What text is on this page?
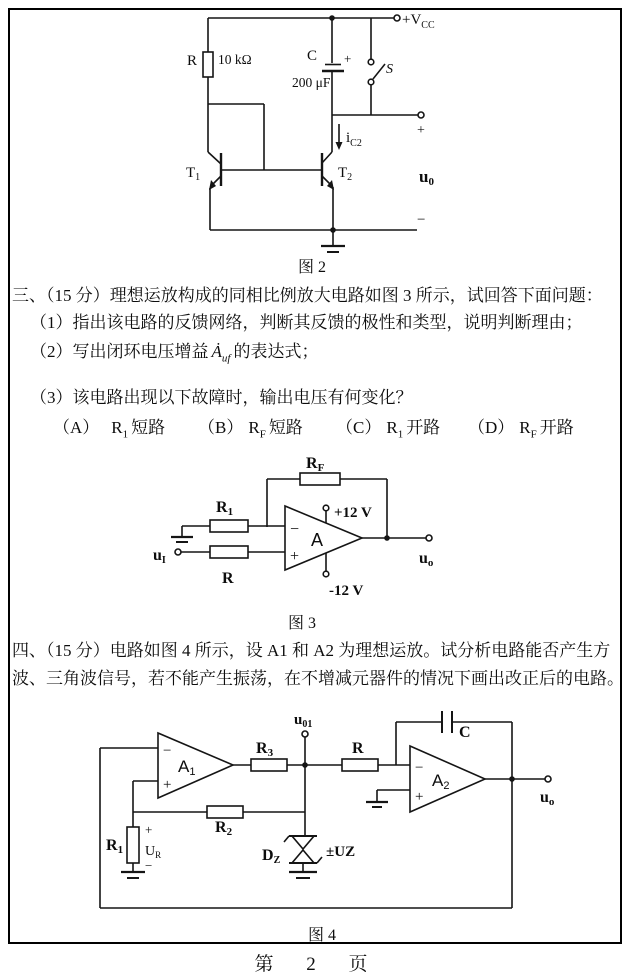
$+V_{CC}$
R 10 kΩ	C +
200 μF
S
$i_{C2}$
$T_1$	$T_2$
+
u0
−
图 2
三、（15 分）理想运放构成的同相比例放大电路如图 3 所示，试回答下面问题：
（1）指出该电路的反馈网络，判断其反馈的极性和类型，说明判断理由；
（2）写出闭环电压增益 $Ȧ_{uf}$ 的表达式；
（3）该电路出现以下故障时，输出电压有何变化？
（A） $R_1$ 短路 （B） $R_F$ 短路 （C） $R_1$ 开路 （D） $R_F$ 开路
RF
R1
R
−
+
A
+12 V
-12 V
uI	uo
图 3
四、（15 分）电路如图 4 所示，设 A1 和 A2 为理想运放。试分析电路能否产生方
波、三角波信号，若不能产生振荡，在不增减元器件的情况下画出改正后的电路。
A1
−
+	A2
−
+
R3	R
$u_{01}$	C
uo
R2
R1
+
$U_R$
−
DZ
±UZ
图 4
第 2 页
